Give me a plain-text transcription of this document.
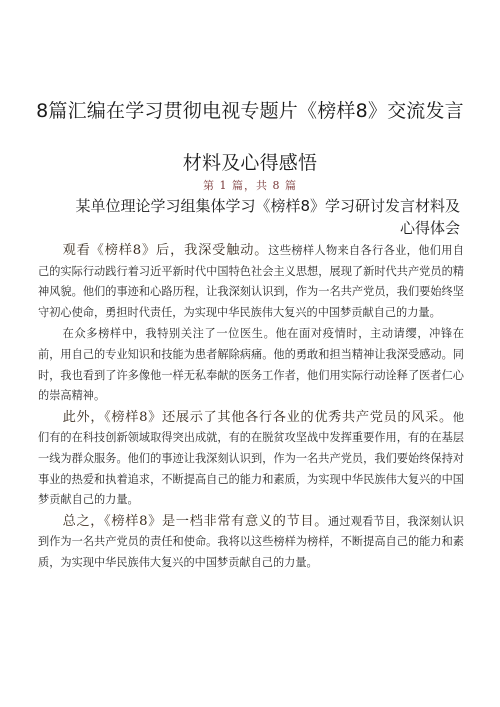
8篇汇编在学习贯彻电视专题片《榜样8》交流发言
材料及心得感悟
第 1 篇，共 8 篇
某单位理论学习组集体学习《榜样8》学习研讨发言材料及
心得体会

观看《榜样8》后，我深受触动。这些榜样人物来自各行各业，他们用自己的实际行动践行着习近平新时代中国特色社会主义思想，展现了新时代共产党员的精神风貌。他们的事迹和心路历程，让我深刻认识到，作为一名共产党员，我们要始终坚守初心使命，勇担时代责任，为实现中华民族伟大复兴的中国梦贡献自己的力量。

在众多榜样中，我特别关注了一位医生。他在面对疫情时，主动请缨，冲锋在前，用自己的专业知识和技能为患者解除病痛。他的勇敢和担当精神让我深受感动。同时，我也看到了许多像他一样无私奉献的医务工作者，他们用实际行动诠释了医者仁心的崇高精神。

此外，《榜样8》还展示了其他各行各业的优秀共产党员的风采。他们有的在科技创新领域取得突出成就，有的在脱贫攻坚战中发挥重要作用，有的在基层一线为群众服务。他们的事迹让我深刻认识到，作为一名共产党员，我们要始终保持对事业的热爱和执着追求，不断提高自己的能力和素质，为实现中华民族伟大复兴的中国梦贡献自己的力量。

总之，《榜样8》是一档非常有意义的节目。通过观看节目，我深刻认识到作为一名共产党员的责任和使命。我将以这些榜样为榜样，不断提高自己的能力和素质，为实现中华民族伟大复兴的中国梦贡献自己的力量。
